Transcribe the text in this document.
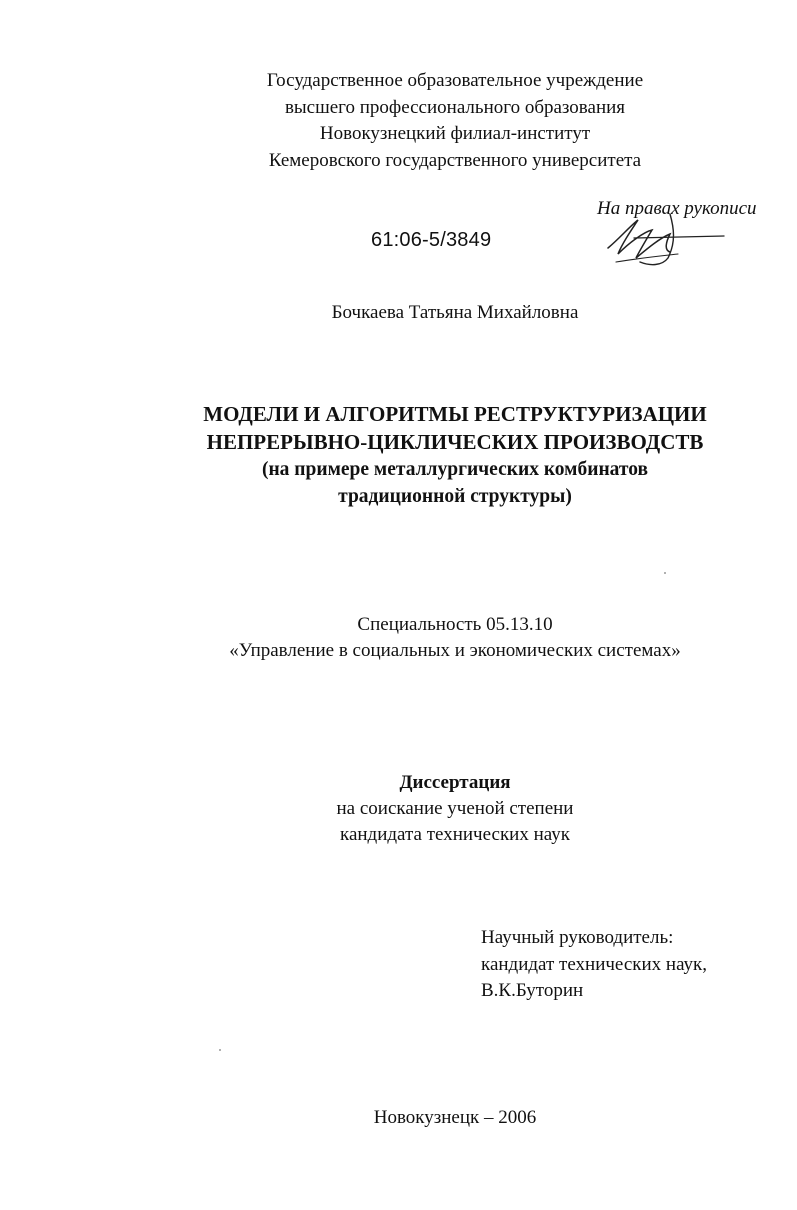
Государственное образовательное учреждение
высшего профессионального образования
Новокузнецкий филиал-институт
Кемеровского государственного университета
На правах рукописи
61:06-5/3849
Бочкаева Татьяна Михайловна
МОДЕЛИ И АЛГОРИТМЫ РЕСТРУКТУРИЗАЦИИ
НЕПРЕРЫВНО-ЦИКЛИЧЕСКИХ ПРОИЗВОДСТВ
(на примере металлургических комбинатов
традиционной структуры)
Специальность 05.13.10
«Управление в социальных и экономических системах»
Диссертация
на соискание ученой степени
кандидата технических наук
Научный руководитель:
кандидат технических наук,
В.К.Буторин
Новокузнецк – 2006
